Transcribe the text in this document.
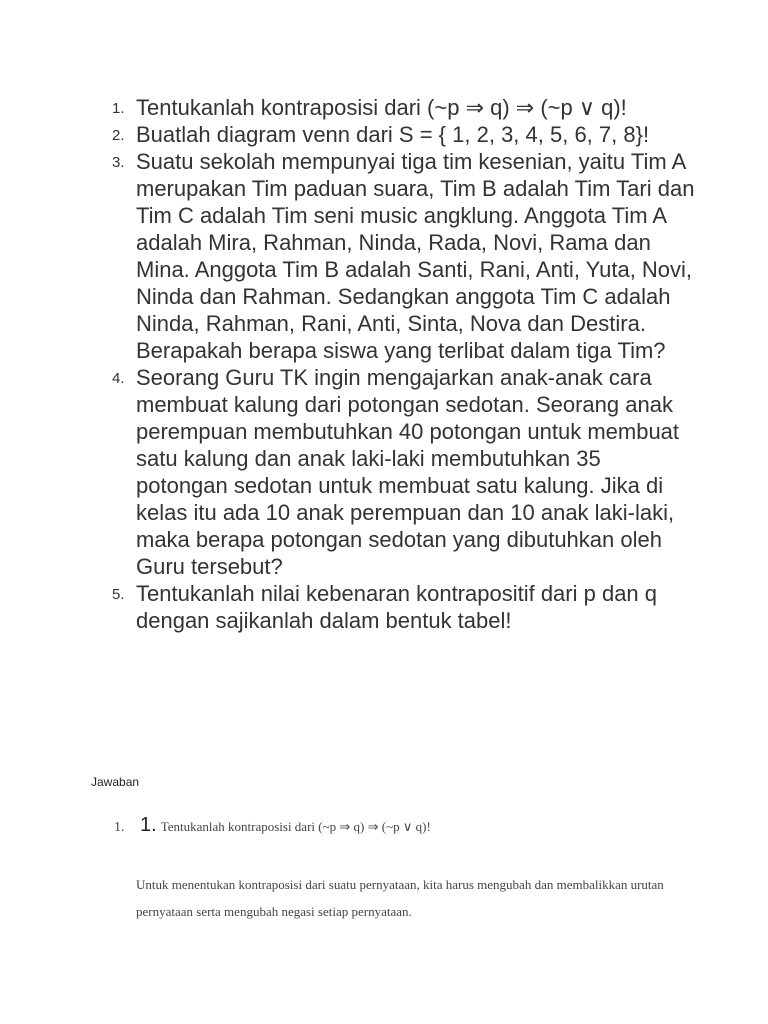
1. Tentukanlah kontraposisi dari (~p ⇒ q) ⇒ (~p ∨ q)!
2. Buatlah diagram venn dari S = { 1, 2, 3, 4, 5, 6, 7, 8}!
3. Suatu sekolah mempunyai tiga tim kesenian, yaitu Tim A merupakan Tim paduan suara, Tim B adalah Tim Tari dan Tim C adalah Tim seni music angklung. Anggota Tim A adalah Mira, Rahman, Ninda, Rada, Novi, Rama dan Mina. Anggota Tim B adalah Santi, Rani, Anti, Yuta, Novi, Ninda dan Rahman. Sedangkan anggota Tim C adalah Ninda, Rahman, Rani, Anti, Sinta, Nova dan Destira. Berapakah berapa siswa yang terlibat dalam tiga Tim?
4. Seorang Guru TK ingin mengajarkan anak-anak cara membuat kalung dari potongan sedotan. Seorang anak perempuan membutuhkan 40 potongan untuk membuat satu kalung dan anak laki-laki membutuhkan 35 potongan sedotan untuk membuat satu kalung. Jika di kelas itu ada 10 anak perempuan dan 10 anak laki-laki, maka berapa potongan sedotan yang dibutuhkan oleh Guru tersebut?
5. Tentukanlah nilai kebenaran kontrapositif dari p dan q dengan sajikanlah dalam bentuk tabel!
Jawaban
1. 1. Tentukanlah kontraposisi dari (~p ⇒ q) ⇒ (~p ∨ q)!

Untuk menentukan kontraposisi dari suatu pernyataan, kita harus mengubah dan membalikkan urutan pernyataan serta mengubah negasi setiap pernyataan.
